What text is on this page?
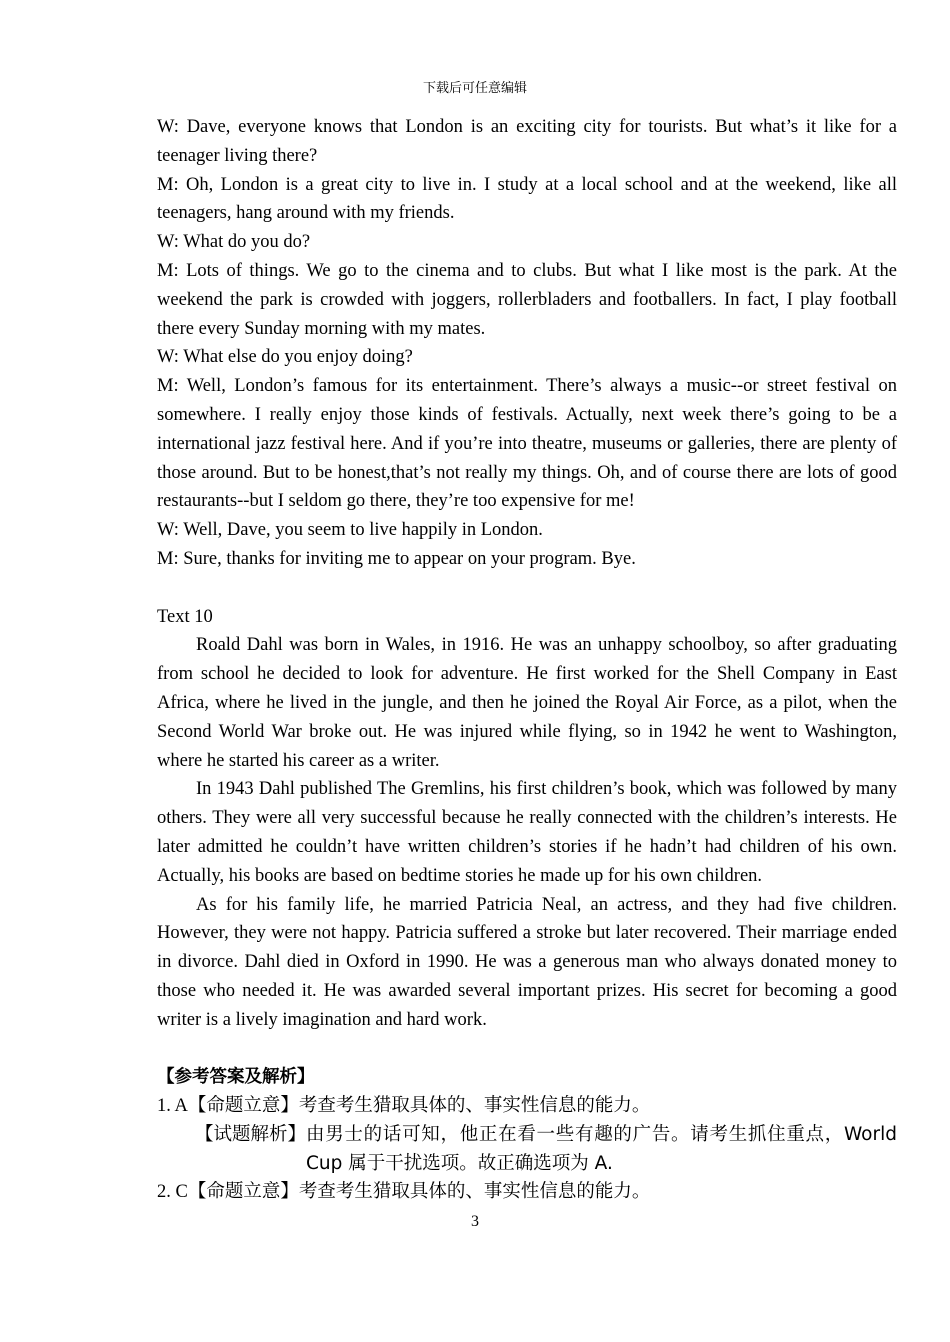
下载后可任意编辑

W: Dave, everyone knows that London is an exciting city for tourists. But what’s it like for a teenager living there?

M: Oh, London is a great city to live in. I study at a local school and at the weekend, like all teenagers, hang around with my friends.

W: What do you do?

M: Lots of things. We go to the cinema and to clubs. But what I like most is the park. At the weekend the park is crowded with joggers, rollerbladers and footballers. In fact, I play football there every Sunday morning with my mates.

W: What else do you enjoy doing?

M: Well, London’s famous for its entertainment. There’s always a music--or street festival on somewhere. I really enjoy those kinds of festivals. Actually, next week there’s going to be a international jazz festival here. And if you’re into theatre, museums or galleries, there are plenty of those around. But to be honest,that’s not really my things. Oh, and of course there are lots of good restaurants--but I seldom go there, they’re too expensive for me!

W: Well, Dave, you seem to live happily in London.

M: Sure, thanks for inviting me to appear on your program. Bye.

Text 10

Roald Dahl was born in Wales, in 1916. He was an unhappy schoolboy, so after graduating from school he decided to look for adventure. He first worked for the Shell Company in East Africa, where he lived in the jungle, and then he joined the Royal Air Force, as a pilot, when the Second World War broke out. He was injured while flying, so in 1942 he went to Washington, where he started his career as a writer.

In 1943 Dahl published The Gremlins, his first children’s book, which was followed by many others. They were all very successful because he really connected with the children’s interests. He later admitted he couldn’t have written children’s stories if he hadn’t had children of his own. Actually, his books are based on bedtime stories he made up for his own children.

As for his family life, he married Patricia Neal, an actress, and they had five children. However, they were not happy. Patricia suffered a stroke but later recovered. Their marriage ended in divorce. Dahl died in Oxford in 1990. He was a generous man who always donated money to those who needed it. He was awarded several important prizes. His secret for becoming a good writer is a lively imagination and hard work.

【参考答案及解析】

1. A【命题立意】考查考生猎取具体的、事实性信息的能力。

【试题解析】 由男士的话可知，他正在看一些有趣的广告。请考生抓住重点，World Cup 属于干扰选项。故正确选项为 A.

2. C【命题立意】考查考生猎取具体的、事实性信息的能力。

3
